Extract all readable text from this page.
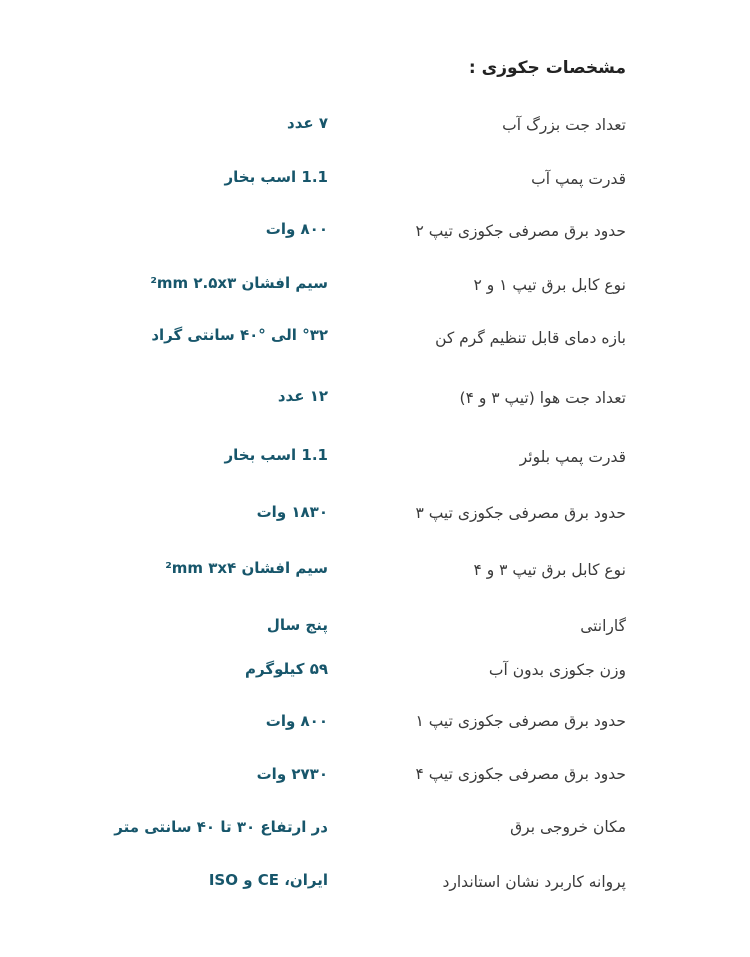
مشخصات جکوزی :
تعداد جت بزرگ آب
۷ عدد
قدرت پمپ آب
1.1 اسب بخار
حدود برق مصرفی جکوزی تیپ ۲
۸۰۰ وات
نوع کابل برق تیپ ۱ و ۲
سیم افشان ²mm ۲.۵x۳
بازه دمای قابل تنظیم گرم کن
°۳۲ الی °۴۰ سانتی گراد
تعداد جت هوا (تیپ ۳ و ۴)
۱۲ عدد
قدرت پمپ بلوئر
1.1 اسب بخار
حدود برق مصرفی جکوزی تیپ ۳
۱۸۳۰ وات
نوع کابل برق تیپ ۳ و ۴
سیم افشان ²mm ۳x۴
گارانتی
پنج سال
وزن جکوزی بدون آب
۵۹ کیلوگرم
حدود برق مصرفی جکوزی تیپ ۱
۸۰۰ وات
حدود برق مصرفی جکوزی تیپ ۴
۲۷۳۰ وات
مکان خروجی برق
در ارتفاع ۳۰ تا ۴۰ سانتی متر
پروانه کاربرد نشان استاندارد
ایران، CE و ISO
